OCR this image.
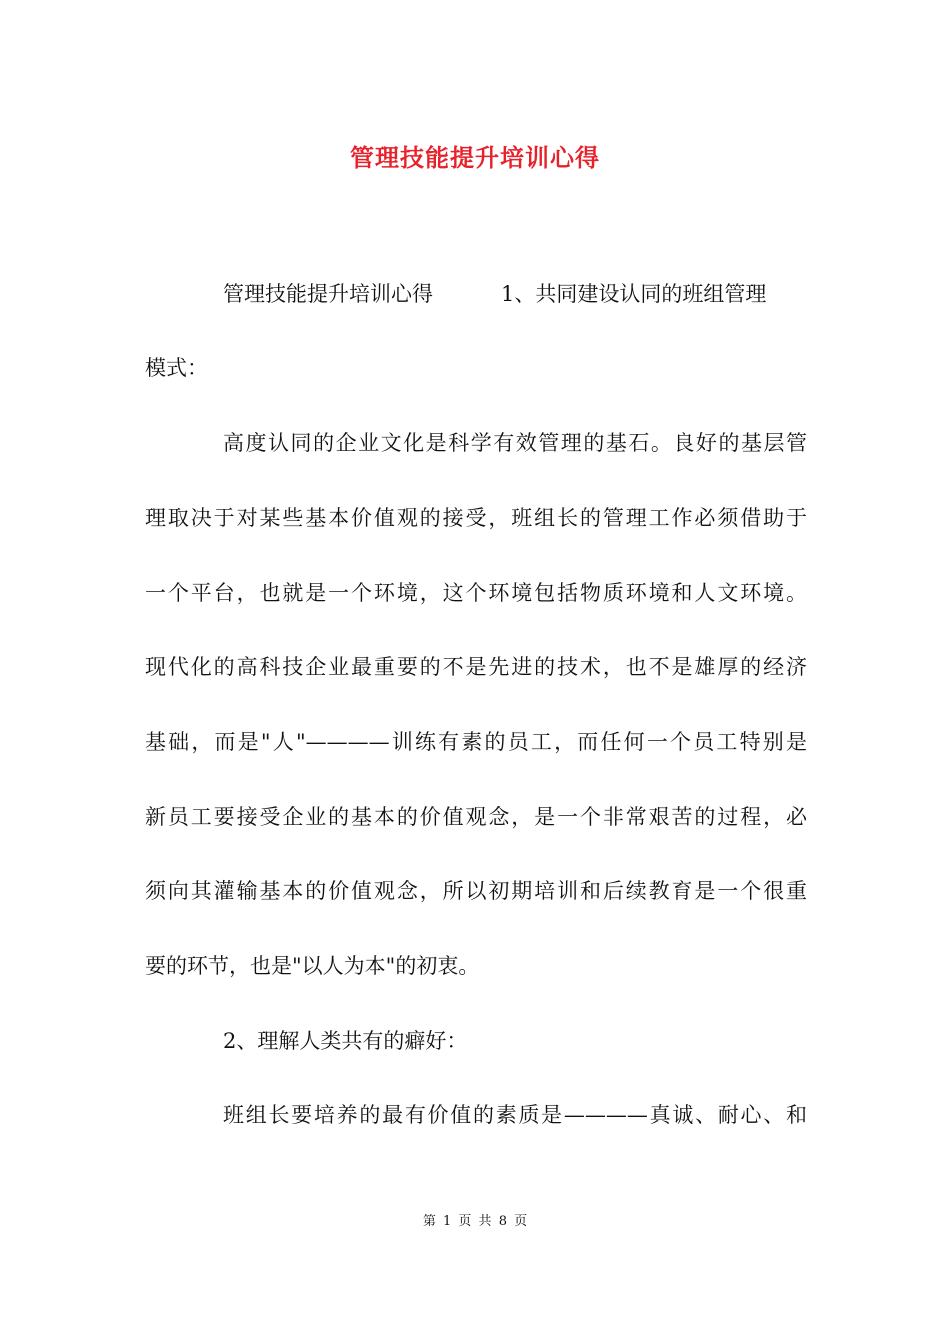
管理技能提升培训心得
管理技能提升培训心得	1、共同建设认同的班组管理
模式：
高度认同的企业文化是科学有效管理的基石。良好的基层管
理取决于对某些基本价值观的接受，班组长的管理工作必须借助于
一个平台，也就是一个环境，这个环境包括物质环境和人文环境。
现代化的高科技企业最重要的不是先进的技术，也不是雄厚的经济
基础，而是"人"————训练有素的员工，而任何一个员工特别是
新员工要接受企业的基本的价值观念，是一个非常艰苦的过程，必
须向其灌输基本的价值观念，所以初期培训和后续教育是一个很重
要的环节，也是"以人为本"的初衷。
2、理解人类共有的癖好：
班组长要培养的最有价值的素质是————真诚、耐心、和
第 1 页 共 8 页
